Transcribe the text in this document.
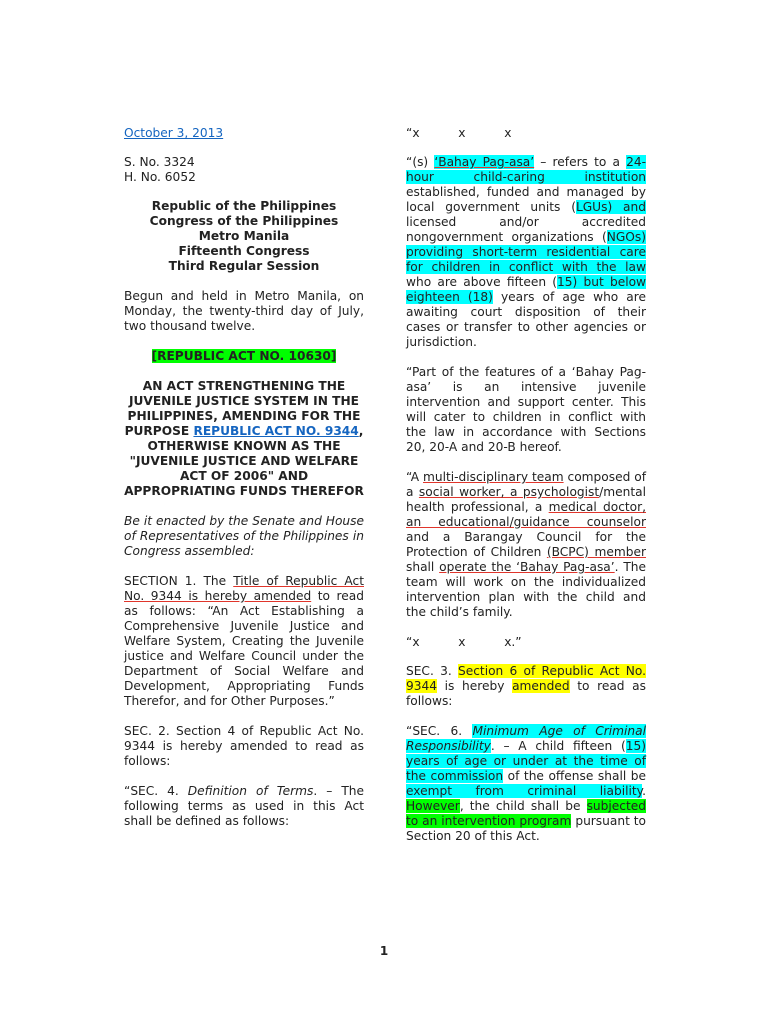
October 3, 2013

S. No. 3324

H. No. 6052

Republic of the Philippines

Congress of the Philippines

Metro Manila

Fifteenth Congress

Third Regular Session

Begun and held in Metro Manila, on Monday, the twenty-third day of July, two thousand twelve.

[REPUBLIC ACT NO. 10630]

AN ACT STRENGTHENING THE JUVENILE JUSTICE SYSTEM IN THE PHILIPPINES, AMENDING FOR THE PURPOSE REPUBLIC ACT NO. 9344, OTHERWISE KNOWN AS THE "JUVENILE JUSTICE AND WELFARE ACT OF 2006" AND APPROPRIATING FUNDS THEREFOR

Be it enacted by the Senate and House of Representatives of the Philippines in Congress assembled:

SECTION 1. The Title of Republic Act No. 9344 is hereby amended to read as follows: “An Act Establishing a Comprehensive Juvenile Justice and Welfare System, Creating the Juvenile justice and Welfare Council under the Department of Social Welfare and Development, Appropriating Funds Therefor, and for Other Purposes.”

SEC. 2. Section 4 of Republic Act No. 9344 is hereby amended to read as follows:

“SEC. 4. Definition of Terms. – The following terms as used in this Act shall be defined as follows:

“x          x          x

“(s) ‘Bahay Pag-asa’ – refers to a 24-hour child-caring institution established, funded and managed by local government units (LGUs) and licensed and/or accredited nongovernment organizations (NGOs) providing short-term residential care for children in conflict with the law who are above fifteen (15) but below eighteen (18) years of age who are awaiting court disposition of their cases or transfer to other agencies or jurisdiction.

“Part of the features of a ‘Bahay Pag-asa’ is an intensive juvenile intervention and support center. This will cater to children in conflict with the law in accordance with Sections 20, 20-A and 20-B hereof.

“A multi-disciplinary team composed of a social worker, a psychologist/mental health professional, a medical doctor, an educational/guidance counselor and a Barangay Council for the Protection of Children (BCPC) member shall operate the ‘Bahay Pag-asa’. The team will work on the individualized intervention plan with the child and the child’s family.

“x          x          x.”

SEC. 3. Section 6 of Republic Act No. 9344 is hereby amended to read as follows:

“SEC. 6. Minimum Age of Criminal Responsibility. – A child fifteen (15) years of age or under at the time of the commission of the offense shall be exempt from criminal liability. However, the child shall be subjected to an intervention program pursuant to Section 20 of this Act.

1
